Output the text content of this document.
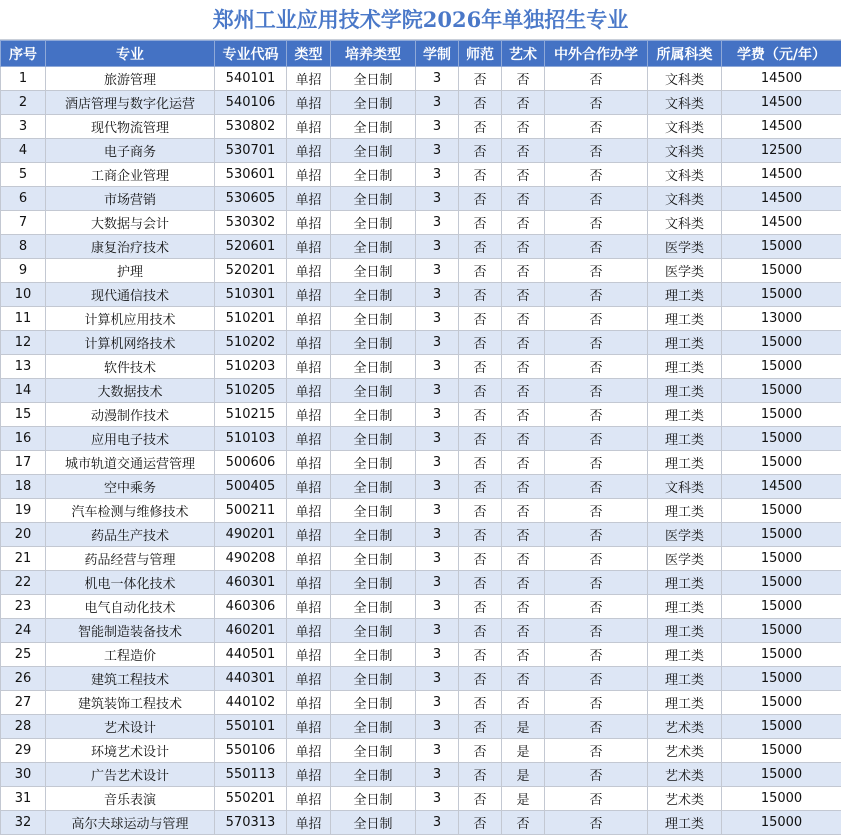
郑州工业应用技术学院2026年单独招生专业
序号	专业	专业代码	类型	培养类型	学制	师范	艺术	中外合作办学	所属科类	学费（元/年）
1	旅游管理	540101	单招	全日制	3	否	否	否	文科类	14500
2	酒店管理与数字化运营	540106	单招	全日制	3	否	否	否	文科类	14500
3	现代物流管理	530802	单招	全日制	3	否	否	否	文科类	14500
4	电子商务	530701	单招	全日制	3	否	否	否	文科类	12500
5	工商企业管理	530601	单招	全日制	3	否	否	否	文科类	14500
6	市场营销	530605	单招	全日制	3	否	否	否	文科类	14500
7	大数据与会计	530302	单招	全日制	3	否	否	否	文科类	14500
8	康复治疗技术	520601	单招	全日制	3	否	否	否	医学类	15000
9	护理	520201	单招	全日制	3	否	否	否	医学类	15000
10	现代通信技术	510301	单招	全日制	3	否	否	否	理工类	15000
11	计算机应用技术	510201	单招	全日制	3	否	否	否	理工类	13000
12	计算机网络技术	510202	单招	全日制	3	否	否	否	理工类	15000
13	软件技术	510203	单招	全日制	3	否	否	否	理工类	15000
14	大数据技术	510205	单招	全日制	3	否	否	否	理工类	15000
15	动漫制作技术	510215	单招	全日制	3	否	否	否	理工类	15000
16	应用电子技术	510103	单招	全日制	3	否	否	否	理工类	15000
17	城市轨道交通运营管理	500606	单招	全日制	3	否	否	否	理工类	15000
18	空中乘务	500405	单招	全日制	3	否	否	否	文科类	14500
19	汽车检测与维修技术	500211	单招	全日制	3	否	否	否	理工类	15000
20	药品生产技术	490201	单招	全日制	3	否	否	否	医学类	15000
21	药品经营与管理	490208	单招	全日制	3	否	否	否	医学类	15000
22	机电一体化技术	460301	单招	全日制	3	否	否	否	理工类	15000
23	电气自动化技术	460306	单招	全日制	3	否	否	否	理工类	15000
24	智能制造装备技术	460201	单招	全日制	3	否	否	否	理工类	15000
25	工程造价	440501	单招	全日制	3	否	否	否	理工类	15000
26	建筑工程技术	440301	单招	全日制	3	否	否	否	理工类	15000
27	建筑装饰工程技术	440102	单招	全日制	3	否	否	否	理工类	15000
28	艺术设计	550101	单招	全日制	3	否	是	否	艺术类	15000
29	环境艺术设计	550106	单招	全日制	3	否	是	否	艺术类	15000
30	广告艺术设计	550113	单招	全日制	3	否	是	否	艺术类	15000
31	音乐表演	550201	单招	全日制	3	否	是	否	艺术类	15000
32	高尔夫球运动与管理	570313	单招	全日制	3	否	否	否	理工类	15000
